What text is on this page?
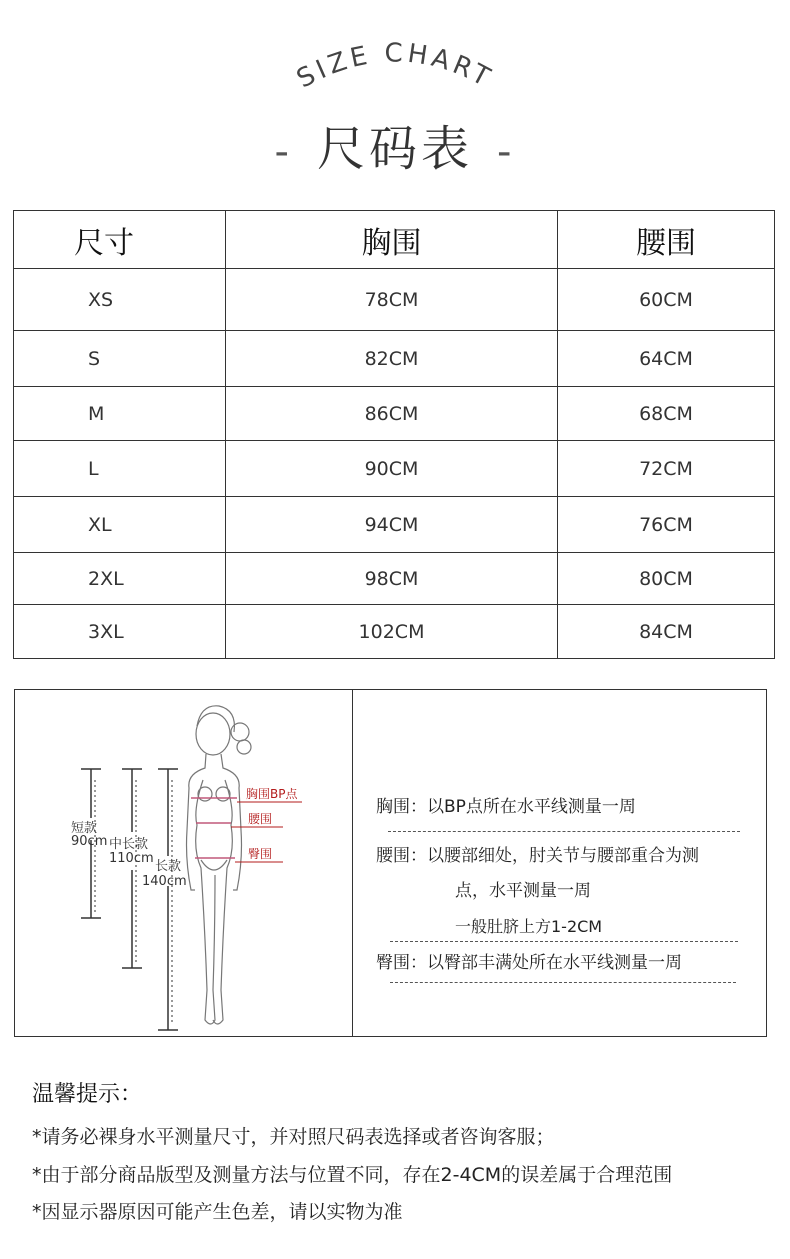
SIZE CHART
- 尺码表 -
尺寸	胸围	腰围
XS	78CM	60CM
S	82CM	64CM
M	86CM	68CM
L	90CM	72CM
XL	94CM	76CM
2XL	98CM	80CM
3XL	102CM	84CM
短款
90cm 中长款
110cm
长款
140cm
胸围BP点
腰围
臀围
胸围：以BP点所在水平线测量一周
腰围：以腰部细处，肘关节与腰部重合为测
点，水平测量一周
一般肚脐上方1-2CM
臀围：以臀部丰满处所在水平线测量一周
温馨提示：
*请务必裸身水平测量尺寸，并对照尺码表选择或者咨询客服；
*由于部分商品版型及测量方法与位置不同，存在2-4CM的误差属于合理范围
*因显示器原因可能产生色差，请以实物为准
